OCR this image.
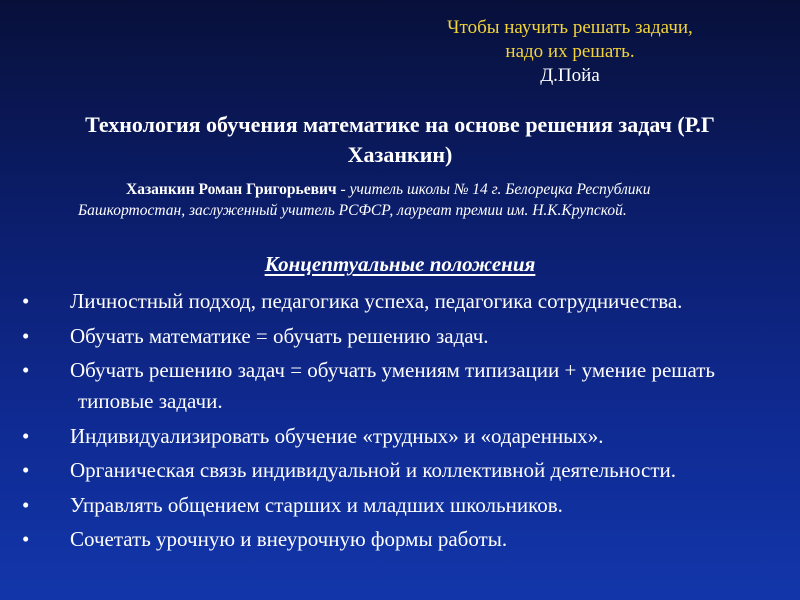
Чтобы научить решать задачи,
надо их решать.
Д.Пойа
Технология обучения математике на основе решения задач (Р.Г Хазанкин)
Хазанкин Роман Григорьевич - учитель школы № 14 г. Белорецка Республики Башкортостан, заслуженный учитель РСФСР, лауреат премии им. Н.К.Крупской.
Концептуальные положения
•
Личностный подход, педагогика успеха, педагогика сотрудничества.
•
Обучать математике = обучать решению задач.
•
Обучать решению задач = обучать умениям типизации + умение решать типовые задачи.
•
Индивидуализировать обучение «трудных» и «одаренных».
•
Органическая связь индивидуальной и коллективной деятельности.
•
Управлять общением старших и младших школьников.
•
Сочетать урочную и внеурочную формы работы.
